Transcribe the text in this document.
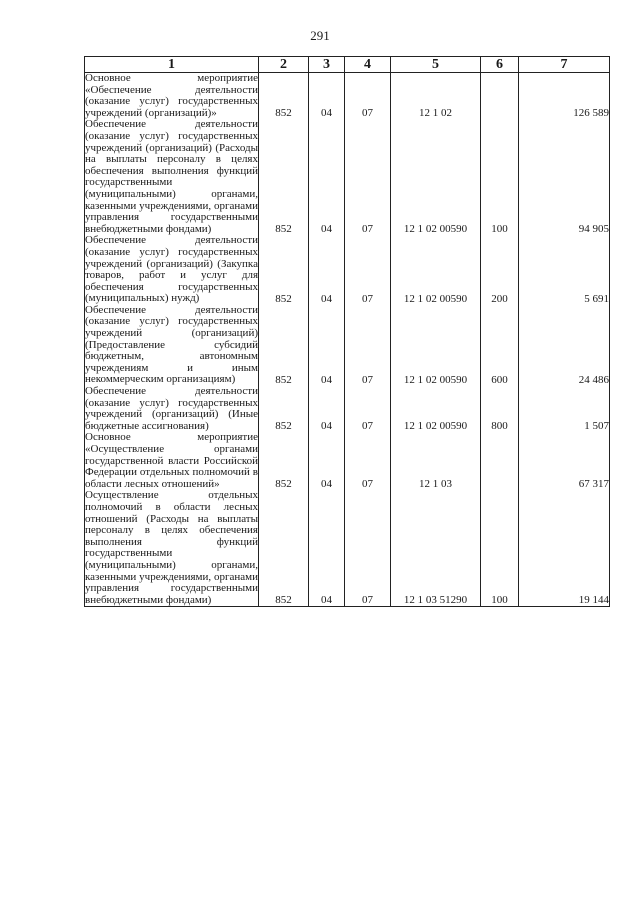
291
1	2	3	4	5	6	7
Основное мероприятие «Обеспечение деятельности (оказание услуг) государственных учреждений (организаций)»	852	04	07	12 1 02		126 589
Обеспечение деятельности (оказание услуг) государственных учреждений (организаций) (Расходы на выплаты персоналу в целях обеспечения выполнения функций государственными (муниципальными) органами, казенными учреждениями, органами управления государственными внебюджетными фондами)	852	04	07	12 1 02 00590	100	94 905
Обеспечение деятельности (оказание услуг) государственных учреждений (организаций) (Закупка товаров, работ и услуг для обеспечения государственных (муниципальных) нужд)	852	04	07	12 1 02 00590	200	5 691
Обеспечение деятельности (оказание услуг) государственных учреждений (организаций) (Предоставление субсидий бюджетным, автономным учреждениям и иным некоммерческим организациям)	852	04	07	12 1 02 00590	600	24 486
Обеспечение деятельности (оказание услуг) государственных учреждений (организаций) (Иные бюджетные ассигнования)	852	04	07	12 1 02 00590	800	1 507
Основное мероприятие «Осуществление органами государственной власти Российской Федерации отдельных полномочий в области лесных отношений»	852	04	07	12 1 03		67 317
Осуществление отдельных полномочий в области лесных отношений (Расходы на выплаты персоналу в целях обеспечения выполнения функций государственными (муниципальными) органами, казенными учреждениями, органами управления государственными внебюджетными фондами)	852	04	07	12 1 03 51290	100	19 144
